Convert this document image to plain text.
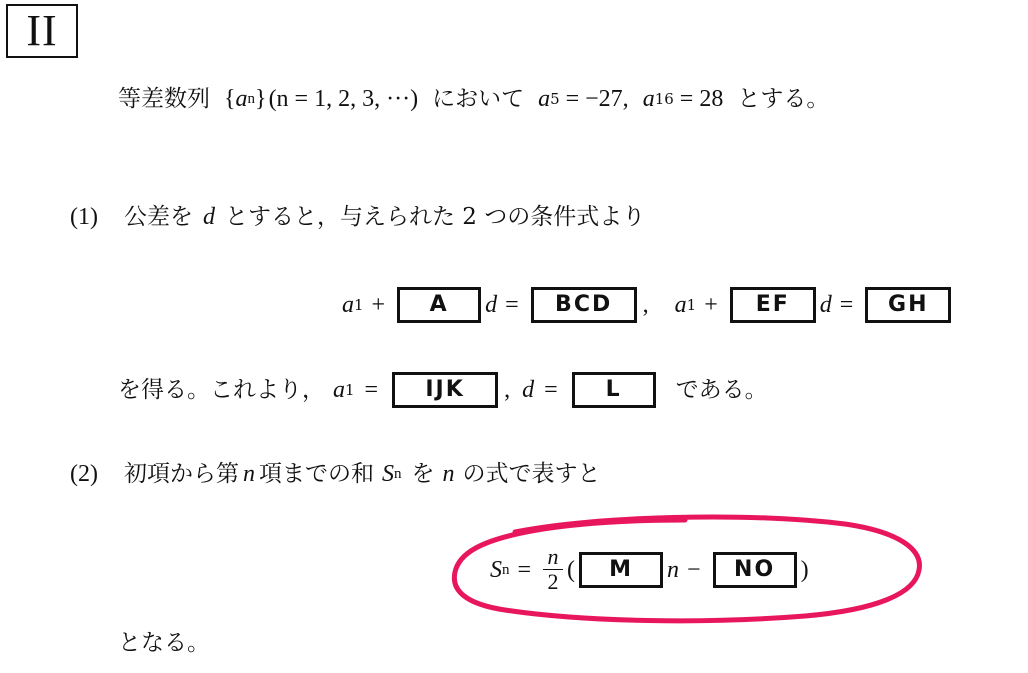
II
等差数列 { a n } (n = 1, 2, 3, ···) において a 5 = −27, a 16 = 28 とする。
(1) 公差を d とすると，与えられた 2 つの条件式より
a 1 +	A	d =	BCD	, a 1 +	EF	d =	GH
を得る。これより， a 1 =	IJK	, d =	L	である。
(2) 初項から第 n 項までの和 S n を n の式で表すと
S $n = \frac{n}{2}$ (	M	n −	NO	)
となる。
